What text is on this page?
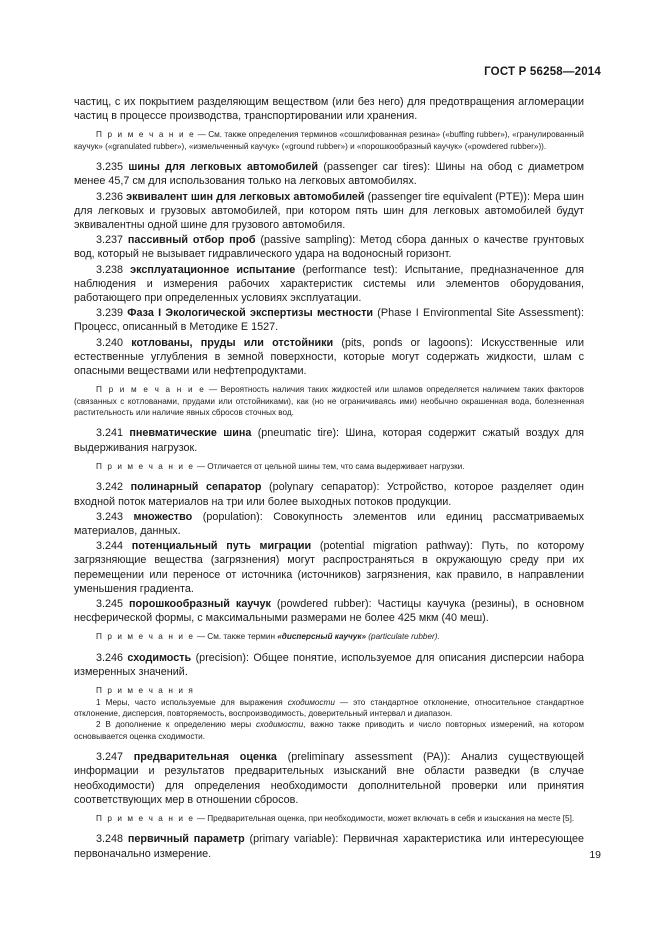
ГОСТ Р 56258—2014

частиц, с их покрытием разделяющим веществом (или без него) для предотвращения агломерации частиц в процессе производства, транспортировании или хранения.

П р и м е ч а н и е — См. также определения терминов «сошлифованная резина» («buffing rubber»), «гранулированный каучук» («granulated rubber»), «измельченный каучук» («ground rubber») и «порошкообразный каучук» («powdered rubber»)).

3.235 шины для легковых автомобилей (passenger car tires): Шины на обод с диаметром менее 45,7 см для использования только на легковых автомобилях.

3.236 эквивалент шин для легковых автомобилей (passenger tire equivalent (PTE)): Мера шин для легковых и грузовых автомобилей, при котором пять шин для легковых автомобилей будут эквивалентны одной шине для грузового автомобиля.

3.237 пассивный отбор проб (passive sampling): Метод сбора данных о качестве грунтовых вод, который не вызывает гидравлического удара на водоносный горизонт.

3.238 эксплуатационное испытание (performance test): Испытание, предназначенное для наблюдения и измерения рабочих характеристик системы или элементов оборудования, работающего при определенных условиях эксплуатации.

3.239 Фаза I Экологической экспертизы местности (Phase I Environmental Site Assessment): Процесс, описанный в Методике Е 1527.

3.240 котлованы, пруды или отстойники (pits, ponds or lagoons): Искусственные или естественные углубления в земной поверхности, которые могут содержать жидкости, шлам с опасными веществами или нефтепродуктами.

П р и м е ч а н и е — Вероятность наличия таких жидкостей или шламов определяется наличием таких факторов (связанных с котлованами, прудами или отстойниками), как (но не ограничиваясь ими) необычно окрашенная вода, болезненная растительность или наличие явных сбросов сточных вод.

3.241 пневматические шина (pneumatic tire): Шина, которая содержит сжатый воздух для выдерживания нагрузок.

П р и м е ч а н и е — Отличается от цельной шины тем, что сама выдерживает нагрузки.

3.242 полинарный сепаратор (polynary сепаратор): Устройство, которое разделяет один входной поток материалов на три или более выходных потоков продукции.

3.243 множество (population): Совокупность элементов или единиц рассматриваемых материалов, данных.

3.244 потенциальный путь миграции (potential migration pathway): Путь, по которому загрязняющие вещества (загрязнения) могут распространяться в окружающую среду при их перемещении или переносе от источника (источников) загрязнения, как правило, в направлении уменьшения градиента.

3.245 порошкообразный каучук (powdered rubber): Частицы каучука (резины), в основном несферической формы, с максимальными размерами не более 425 мкм (40 меш).

П р и м е ч а н и е — См. также термин «дисперсный каучук» (particulate rubber).

3.246 сходимость (precision): Общее понятие, используемое для описания дисперсии набора измеренных значений.

П р и м е ч а н и я
1 Меры, часто используемые для выражения сходимости — это стандартное отклонение, относительное стандартное отклонение, дисперсия, повторяемость, воспроизводимость, доверительный интервал и диапазон.
2 В дополнение к определению меры сходимости, важно также приводить и число повторных измерений, на котором основывается оценка сходимости.

3.247 предварительная оценка (preliminary assessment (PA)): Анализ существующей информации и результатов предварительных изысканий вне области разведки (в случае необходимости) для определения необходимости дополнительной проверки или принятия соответствующих мер в отношении сбросов.

П р и м е ч а н и е — Предварительная оценка, при необходимости, может включать в себя и изыскания на месте [5].

3.248 первичный параметр (primary variable): Первичная характеристика или интересующее первоначально измерение.	19
